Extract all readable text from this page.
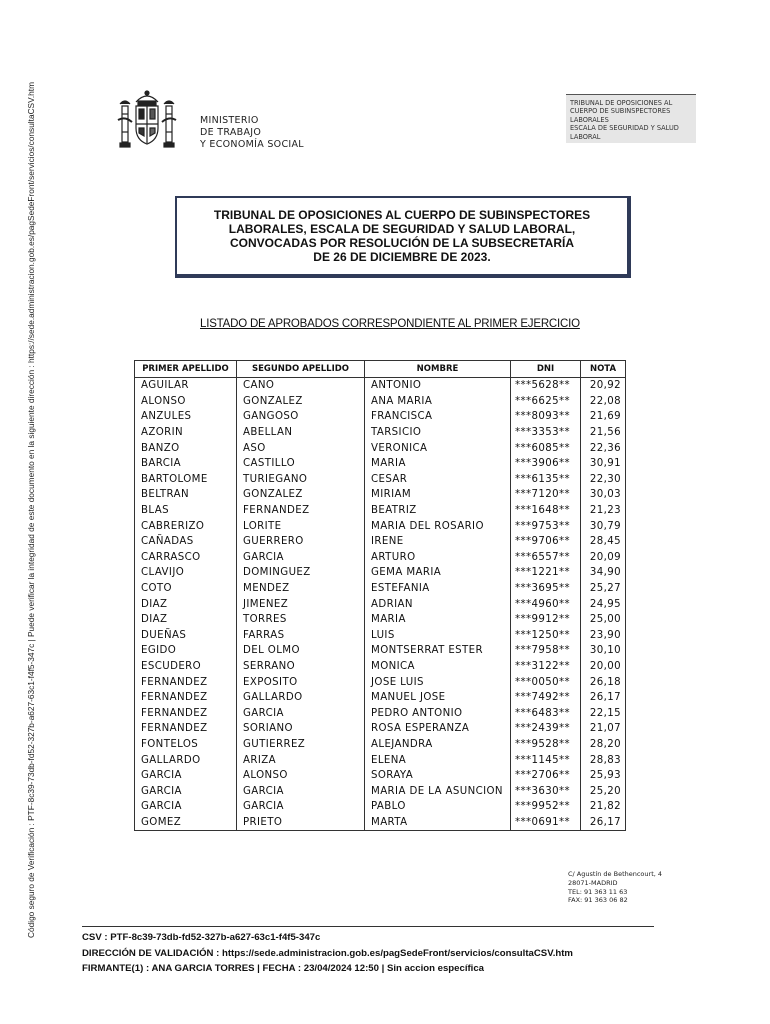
Código seguro de Verificación : PTF-8c39-73db-fd52-327b-a627-63c1-f4f5-347c | Puede verificar la integridad de este documento en la siguiente dirección : https://sede.administracion.gob.es/pagSedeFront/servicios/consultaCSV.htm	MINISTERIO
DE TRABAJO
Y ECONOMÍA SOCIAL
TRIBUNAL DE OPOSICIONES AL
CUERPO DE SUBINSPECTORES
LABORALES
ESCALA DE SEGURIDAD Y SALUD
LABORAL
TRIBUNAL DE OPOSICIONES AL CUERPO DE SUBINSPECTORES
LABORALES, ESCALA DE SEGURIDAD Y SALUD LABORAL,
CONVOCADAS POR RESOLUCIÓN DE LA SUBSECRETARÍA
DE 26 DE DICIEMBRE DE 2023.
LISTADO DE APROBADOS CORRESPONDIENTE AL PRIMER EJERCICIO
PRIMER APELLIDO	SEGUNDO APELLIDO	NOMBRE	DNI	NOTA
AGUILAR	CANO	ANTONIO	***5628**	20,92
ALONSO	GONZALEZ	ANA MARIA	***6625**	22,08
ANZULES	GANGOSO	FRANCISCA	***8093**	21,69
AZORIN	ABELLAN	TARSICIO	***3353**	21,56
BANZO	ASO	VERONICA	***6085**	22,36
BARCIA	CASTILLO	MARIA	***3906**	30,91
BARTOLOME	TURIEGANO	CESAR	***6135**	22,30
BELTRAN	GONZALEZ	MIRIAM	***7120**	30,03
BLAS	FERNANDEZ	BEATRIZ	***1648**	21,23
CABRERIZO	LORITE	MARIA DEL ROSARIO	***9753**	30,79
CAÑADAS	GUERRERO	IRENE	***9706**	28,45
CARRASCO	GARCIA	ARTURO	***6557**	20,09
CLAVIJO	DOMINGUEZ	GEMA MARIA	***1221**	34,90
COTO	MENDEZ	ESTEFANIA	***3695**	25,27
DIAZ	JIMENEZ	ADRIAN	***4960**	24,95
DIAZ	TORRES	MARIA	***9912**	25,00
DUEÑAS	FARRAS	LUIS	***1250**	23,90
EGIDO	DEL OLMO	MONTSERRAT ESTER	***7958**	30,10
ESCUDERO	SERRANO	MONICA	***3122**	20,00
FERNANDEZ	EXPOSITO	JOSE LUIS	***0050**	26,18
FERNANDEZ	GALLARDO	MANUEL JOSE	***7492**	26,17
FERNANDEZ	GARCIA	PEDRO ANTONIO	***6483**	22,15
FERNANDEZ	SORIANO	ROSA ESPERANZA	***2439**	21,07
FONTELOS	GUTIERREZ	ALEJANDRA	***9528**	28,20
GALLARDO	ARIZA	ELENA	***1145**	28,83
GARCIA	ALONSO	SORAYA	***2706**	25,93
GARCIA	GARCIA	MARIA DE LA ASUNCION	***3630**	25,20
GARCIA	GARCIA	PABLO	***9952**	21,82
GOMEZ	PRIETO	MARTA	***0691**	26,17
C/ Agustín de Bethencourt, 4
28071-MADRID
TEL: 91 363 11 63
FAX: 91 363 06 82
CSV : PTF-8c39-73db-fd52-327b-a627-63c1-f4f5-347c
DIRECCIÓN DE VALIDACIÓN : https://sede.administracion.gob.es/pagSedeFront/servicios/consultaCSV.htm
FIRMANTE(1) : ANA GARCIA TORRES | FECHA : 23/04/2024 12:50 | Sin accion específica
